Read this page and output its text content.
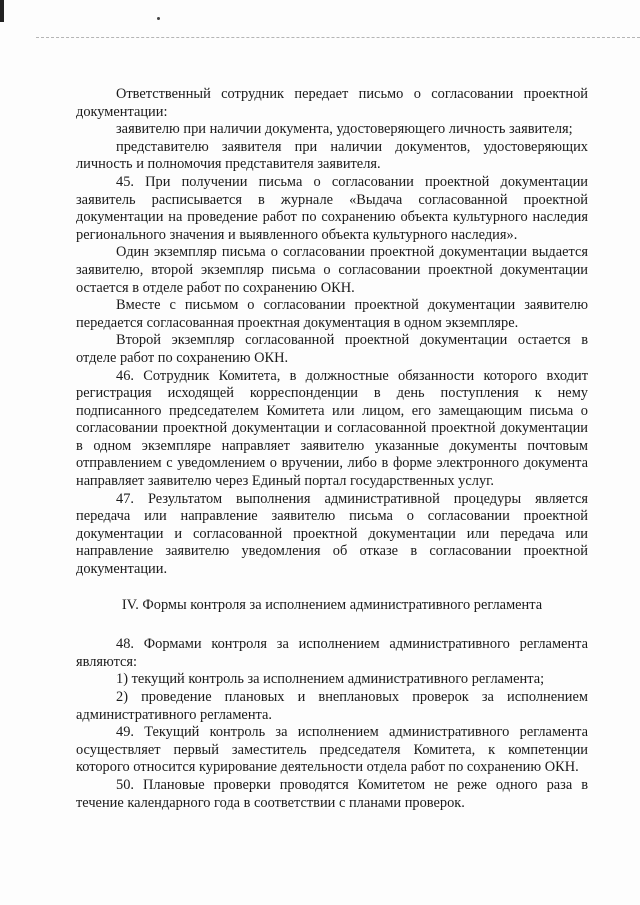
Ответственный сотрудник передает письмо о согласовании проектной документации:

заявителю при наличии документа, удостоверяющего личность заявителя;

представителю заявителя при наличии документов, удостоверяющих личность и полномочия представителя заявителя.

45. При получении письма о согласовании проектной документации заявитель расписывается в журнале «Выдача согласованной проектной документации на проведение работ по сохранению объекта культурного наследия регионального значения и выявленного объекта культурного наследия».

Один экземпляр письма о согласовании проектной документации выдается заявителю, второй экземпляр письма о согласовании проектной документации остается в отделе работ по сохранению ОКН.

Вместе с письмом о согласовании проектной документации заявителю передается согласованная проектная документация в одном экземпляре.

Второй экземпляр согласованной проектной документации остается в отделе работ по сохранению ОКН.

46. Сотрудник Комитета, в должностные обязанности которого входит регистрация исходящей корреспонденции в день поступления к нему подписанного председателем Комитета или лицом, его замещающим письма о согласовании проектной документации и согласованной проектной документации в одном экземпляре направляет заявителю указанные документы почтовым отправлением с уведомлением о вручении, либо в форме электронного документа направляет заявителю через Единый портал государственных услуг.

47. Результатом выполнения административной процедуры является передача или направление заявителю письма о согласовании проектной документации и согласованной проектной документации или передача или направление заявителю уведомления об отказе в согласовании проектной документации.

IV. Формы контроля за исполнением административного регламента

48. Формами контроля за исполнением административного регламента являются:

1) текущий контроль за исполнением административного регламента;

2) проведение плановых и внеплановых проверок за исполнением административного регламента.

49. Текущий контроль за исполнением административного регламента осуществляет первый заместитель председателя Комитета, к компетенции которого относится курирование деятельности отдела работ по сохранению ОКН.

50. Плановые проверки проводятся Комитетом не реже одного раза в течение календарного года в соответствии с планами проверок.
